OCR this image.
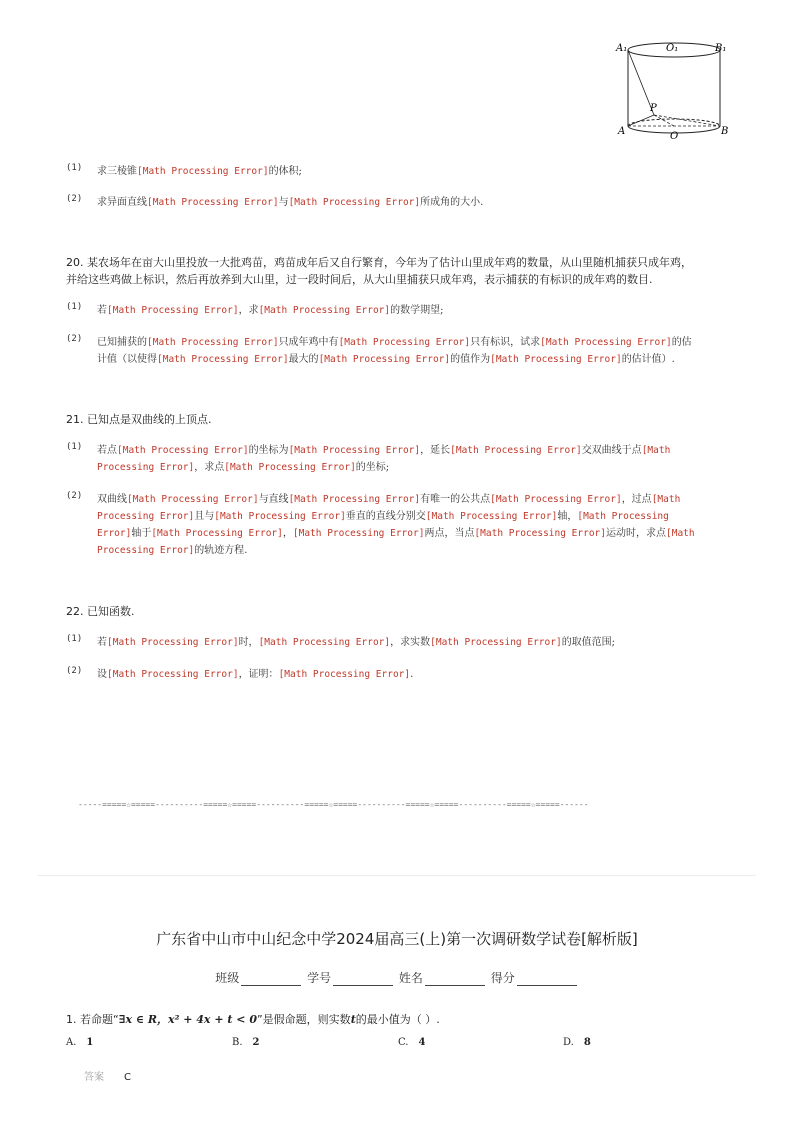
A₁	O₁	B₁
P
A	O	B
(1) 求三棱锥[Math Processing Error]的体积;
(2) 求异面直线[Math Processing Error]与[Math Processing Error]所成角的大小.
20. 某农场年在亩大山里投放一大批鸡苗，鸡苗成年后又自行繁育，今年为了估计山里成年鸡的数量，从山里随机捕获只成年鸡，
并给这些鸡做上标识，然后再放养到大山里，过一段时间后，从大山里捕获只成年鸡，表示捕获的有标识的成年鸡的数目.
(1) 若[Math Processing Error]，求[Math Processing Error]的数学期望;
(2) 已知捕获的[Math Processing Error]只成年鸡中有[Math Processing Error]只有标识，试求[Math Processing Error]的估
计值（以使得[Math Processing Error]最大的[Math Processing Error]的值作为[Math Processing Error]的估计值）.
21. 已知点是双曲线的上顶点.
(1) 若点[Math Processing Error]的坐标为[Math Processing Error]，延长[Math Processing Error]交双曲线于点[Math
Processing Error]，求点[Math Processing Error]的坐标;
(2) 双曲线[Math Processing Error]与直线[Math Processing Error]有唯一的公共点[Math Processing Error]，过点[Math
Processing Error]且与[Math Processing Error]垂直的直线分别交[Math Processing Error]轴，[Math Processing
Error]轴于[Math Processing Error]，[Math Processing Error]两点，当点[Math Processing Error]运动时，求点[Math
Processing Error]的轨迹方程.
22. 已知函数.
(1) 若[Math Processing Error]时，[Math Processing Error]，求实数[Math Processing Error]的取值范围;
(2) 设[Math Processing Error]，证明：[Math Processing Error].
-----=====☆=====----------=====☆=====----------=====☆=====----------=====☆=====----------=====☆=====------
广东省中山市中山纪念中学2024届高三(上)第一次调研数学试卷[解析版]
班级	学号	姓名	得分
1. 若命题“∃x ∈ R，x² + 4x + t < 0”是假命题，则实数t的最小值为（ ）.
A. 1	B. 2	C. 4	D. 8
答案 C
